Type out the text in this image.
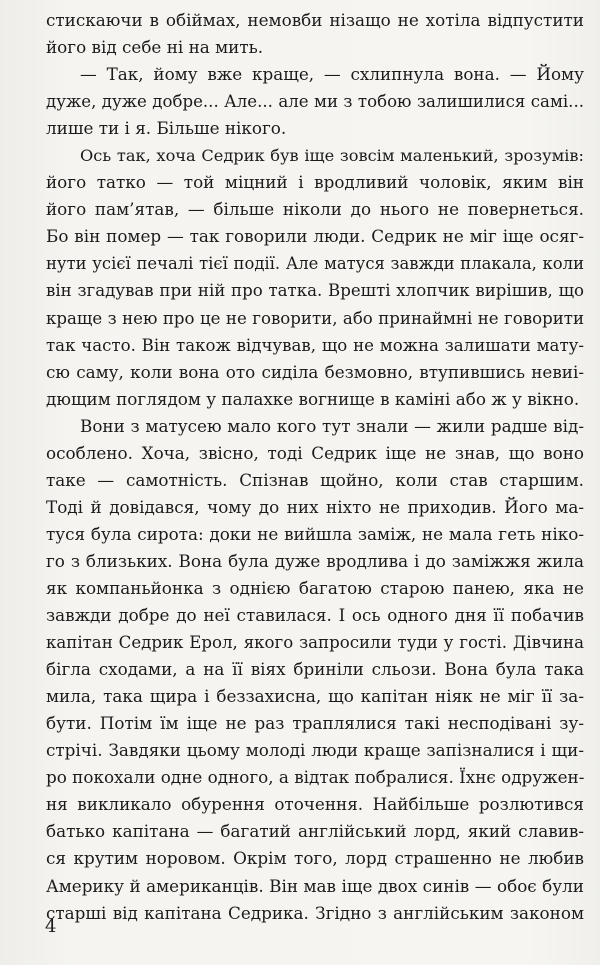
стискаючи в обіймах, немовби нізащо не хотіла відпустити
його від себе ні на мить.
— Так, йому вже краще, — схлипнула вона. — Йому
дуже, дуже добре... Але... але ми з тобою залишилися самі...
лише ти і я. Більше нікого.
Ось так, хоча Седрик був іще зовсім маленький, зрозумів:
його татко — той міцний і вродливий чоловік, яким він
його пам’ятав, — більше ніколи до нього не повернеться.
Бо він помер — так говорили люди. Седрик не міг іще осяг-
нути усієї печалі тієї події. Але матуся завжди плакала, коли
він згадував при ній про татка. Врешті хлопчик вирішив, що
краще з нею про це не говорити, або принаймні не говорити
так часто. Він також відчував, що не можна залишати мату-
сю саму, коли вона ото сиділа безмовно, втупившись невиі-
дющим поглядом у палахке вогнище в каміні або ж у вікно.
Вони з матусею мало кого тут знали — жили радше від-
особлено. Хоча, звісно, тоді Седрик іще не знав, що воно
таке — самотність. Спізнав щойно, коли став старшим.
Тоді й довідався, чому до них ніхто не приходив. Його ма-
туся була сирота: доки не вийшла заміж, не мала геть ніко-
го з близьких. Вона була дуже вродлива і до заміжжя жила
як компаньйонка з однією багатою старою панею, яка не
завжди добре до неї ставилася. І ось одного дня її побачив
капітан Седрик Ерол, якого запросили туди у гості. Дівчина
бігла сходами, а на її віях бриніли сльози. Вона була така
мила, така щира і беззахисна, що капітан ніяк не міг її за-
бути. Потім їм іще не раз траплялися такі несподівані зу-
стрічі. Завдяки цьому молоді люди краще запізналися і щи-
ро покохали одне одного, а відтак побралися. Їхнє одружен-
ня викликало обурення оточення. Найбільше розлютився
батько капітана — багатий англійський лорд, який славив-
ся крутим норовом. Окрім того, лорд страшенно не любив
Америку й американців. Він мав іще двох синів — обоє були
старші від капітана Седрика. Згідно з англійським законом
4
